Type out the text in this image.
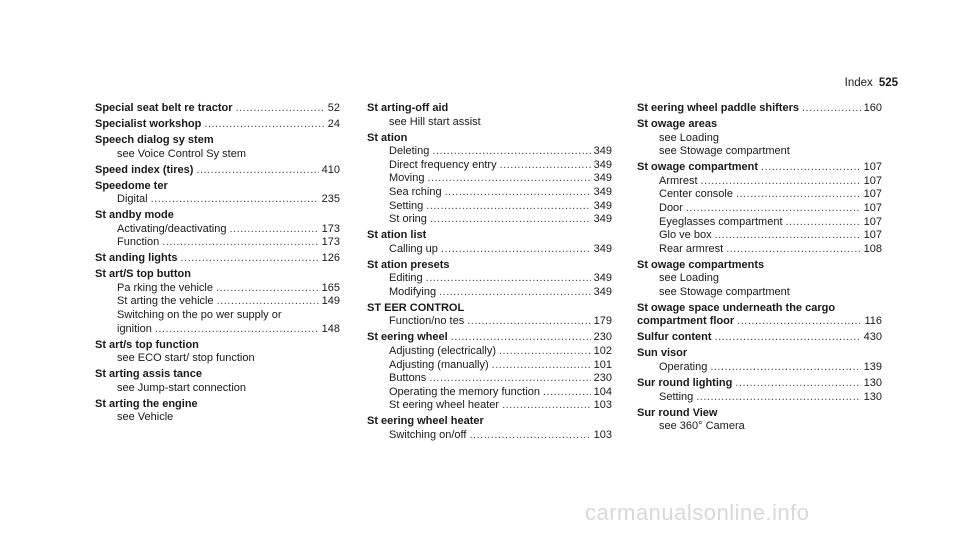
Index 525
Special seat belt re tractor .....	52
Specialist workshop .....	24
Speech dialog sy stem
see Voice Control Sy stem
Speed index (tires) .....	410
Speedome ter
Digital .....	235
St andby mode
Activating/deactivating .....	173
Function .....	173
St anding lights .....	126
St art/S top button
Pa rking the vehicle .....	165
St arting the vehicle .....	149
Switching on the po wer supply or
ignition .....	148
St art/s top function
see ECO start/ stop function
St arting assis tance
see Jump-start connection
St arting the engine
see Vehicle
St arting-off aid
see Hill start assist
St ation
Deleting .....	349
Direct frequency entry .....	349
Moving .....	349
Sea rching .....	349
Setting .....	349
St oring .....	349
St ation list
Calling up .....	349
St ation presets
Editing .....	349
Modifying .....	349
ST EER CONTROL
Function/no tes .....	179
St eering wheel .....	230
Adjusting (electrically) .....	102
Adjusting (manually) .....	101
Buttons .....	230
Operating the memory function .....	104
St eering wheel heater .....	103
St eering wheel heater
Switching on/off .....	103
St eering wheel paddle shifters .....	160
St owage areas
see Loading
see Stowage compartment
St owage compartment .....	107
Armrest .....	107
Center console .....	107
Door .....	107
Eyeglasses compartment .....	107
Glo ve box .....	107
Rear armrest .....	108
St owage compartments
see Loading
see Stowage compartment
St owage space underneath the cargo
compartment floor .....	116
Sulfur content .....	430
Sun visor
Operating .....	139
Sur round lighting .....	130
Setting .....	130
Sur round View
see 360° Camera
carmanualsonline.info
